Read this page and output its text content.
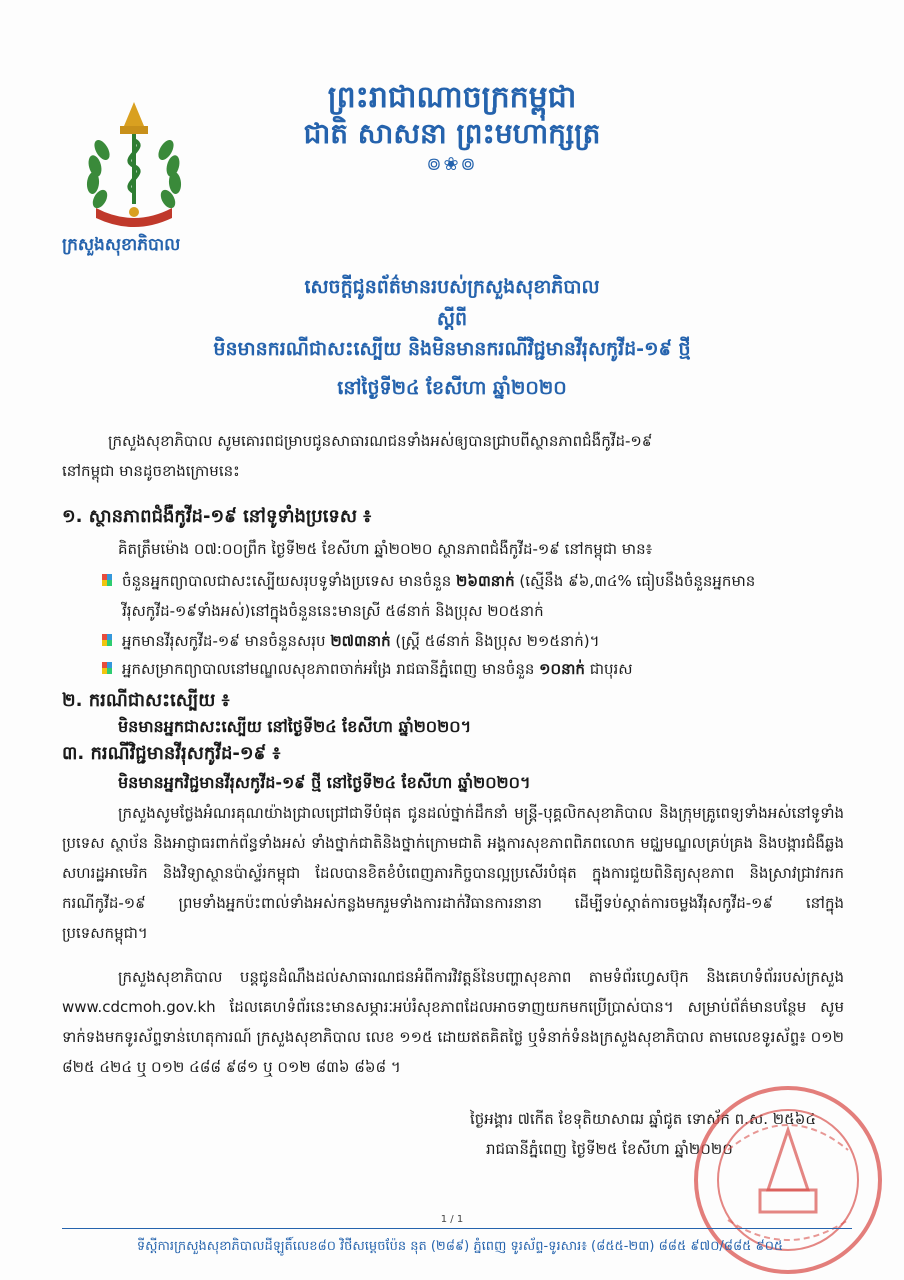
ក្រសួងសុខាភិបាល
ព្រះរាជាណាចក្រកម្ពុជា
ជាតិ សាសនា ព្រះមហាក្សត្រ
៙❀៙
សេចក្តីជូនព័ត៌មានរបស់ក្រសួងសុខាភិបាល
ស្តីពី
មិនមានករណីជាសះស្បើយ និងមិនមានករណីវិជ្ជមានវីរុសកូវីដ-១៩ ថ្មី
នៅថ្ងៃទី២៤ ខែសីហា ឆ្នាំ២០២០

ក្រសួងសុខាភិបាល សូមគោរពជម្រាបជូនសាធារណជនទាំងអស់ឲ្យបានជ្រាបពីស្ថានភាពជំងឺកូវីដ-១៩

នៅកម្ពុជា មានដូចខាងក្រោមនេះ

១. ស្ថានភាពជំងឺកូវីដ-១៩ នៅទូទាំងប្រទេស ៖
គិតត្រឹមម៉ោង ០៧:០០ព្រឹក ថ្ងៃទី២៥ ខែសីហា ឆ្នាំ២០២០ ស្ថានភាពជំងឺកូវីដ-១៩ នៅកម្ពុជា មាន៖
ចំនួនអ្នកព្យាបាលជាសះស្បើយសរុបទូទាំងប្រទេស មានចំនួន ២៦៣នាក់ (ស្មើនឹង ៩៦,៣៤% ធៀបនឹងចំនួនអ្នកមានវីរុសកូវីដ-១៩ទាំងអស់)នៅក្នុងចំនួននេះមានស្រី ៥៨នាក់ និងប្រុស ២០៥នាក់
អ្នកមានវីរុសកូវីដ-១៩ មានចំនួនសរុប ២៧៣នាក់ (ស្ត្រី ៥៨នាក់ និងប្រុស ២១៥នាក់)។
អ្នកសម្រាកព្យាបាលនៅមណ្ឌលសុខភាពចាក់អង្រែ រាជធានីភ្នំពេញ មានចំនួន ១០នាក់ ជាបុរស
២. ករណីជាសះស្បើយ ៖
មិនមានអ្នកជាសះស្បើយ នៅថ្ងៃទី២៤ ខែសីហា ឆ្នាំ២០២០។
៣. ករណីវិជ្ជមានវីរុសកូវីដ-១៩ ៖
មិនមានអ្នកវិជ្ជមានវីរុសកូវីដ-១៩ ថ្មី នៅថ្ងៃទី២៤ ខែសីហា ឆ្នាំ២០២០។

ក្រសួងសូមថ្លែងអំណរគុណយ៉ាងជ្រាលជ្រៅជាទីបំផុត ជូនដល់ថ្នាក់ដឹកនាំ មន្ត្រី-បុគ្គលិកសុខាភិបាល និងក្រុមគ្រូពេទ្យទាំងអស់នៅទូទាំងប្រទេស ស្ថាប័ន និងអាជ្ញាធរពាក់ព័ន្ធទាំងអស់ ទាំងថ្នាក់ជាតិនិងថ្នាក់ក្រោមជាតិ អង្គការសុខភាពពិភពលោក មជ្ឈមណ្ឌលគ្រប់គ្រង និងបង្ការជំងឺឆ្លងសហរដ្ឋអាមេរិក និងវិទ្យាស្ថានប៉ាស្ទ័រកម្ពុជា ដែលបានខិតខំបំពេញភារកិច្ចបានល្អប្រសើរបំផុត ក្នុងការជួយពិនិត្យសុខភាព និងស្រាវជ្រាវករកករណីកូវីដ-១៩ ព្រមទាំងអ្នកប៉ះពាល់ទាំងអស់កន្លងមករួមទាំងការដាក់វិធានការនានា ដើម្បីទប់ស្កាត់ការចម្លងវីរុសកូវីដ-១៩ នៅក្នុងប្រទេសកម្ពុជា។

ក្រសួងសុខាភិបាល បន្តជូនដំណឹងដល់សាធារណជនអំពីការវិវត្តន៍នៃបញ្ហាសុខភាព តាមទំព័រហ្វេសប៊ុក និងគេហទំព័ររបស់ក្រសួង www.cdcmoh.gov.kh ដែលគេហទំព័រនេះមានសម្ភារៈអប់រំសុខភាពដែលអាចទាញយកមកប្រើប្រាស់បាន។ សម្រាប់ព័ត៌មានបន្ថែម សូមទាក់ទងមកទូរស័ព្ទទាន់ហេតុការណ៍ ក្រសួងសុខាភិបាល លេខ ១១៥ ដោយឥតគិតថ្លៃ ឬទំនាក់ទំនងក្រសួងសុខាភិបាល តាមលេខទូរស័ព្ទ៖ ០១២ ៨២៥ ៤២៤ ឬ ០១២ ៤៨៨ ៩៨១ ឬ ០១២ ៨៣៦ ៨៦៨ ។

ថ្ងៃអង្គារ ៧កើត ខែទុតិយាសាឍ ឆ្នាំជូត ទោស័ក ព.ស. ២៥៦៤
រាជធានីភ្នំពេញ ថ្ងៃទី២៥ ខែសីហា ឆ្នាំ២០២០
1 / 1
ទីស្តីការក្រសួងសុខាភិបាលដីឡូតិ៍លេខ៨០ វិថីសម្តេចប៉ែន នុត (២៨៩) ភ្នំពេញ ទូរស័ព្ទ-ទូរសារ៖ (៨៥៥-២៣) ៨៨៥ ៩៧០/៨៨៥ ៩០៥
